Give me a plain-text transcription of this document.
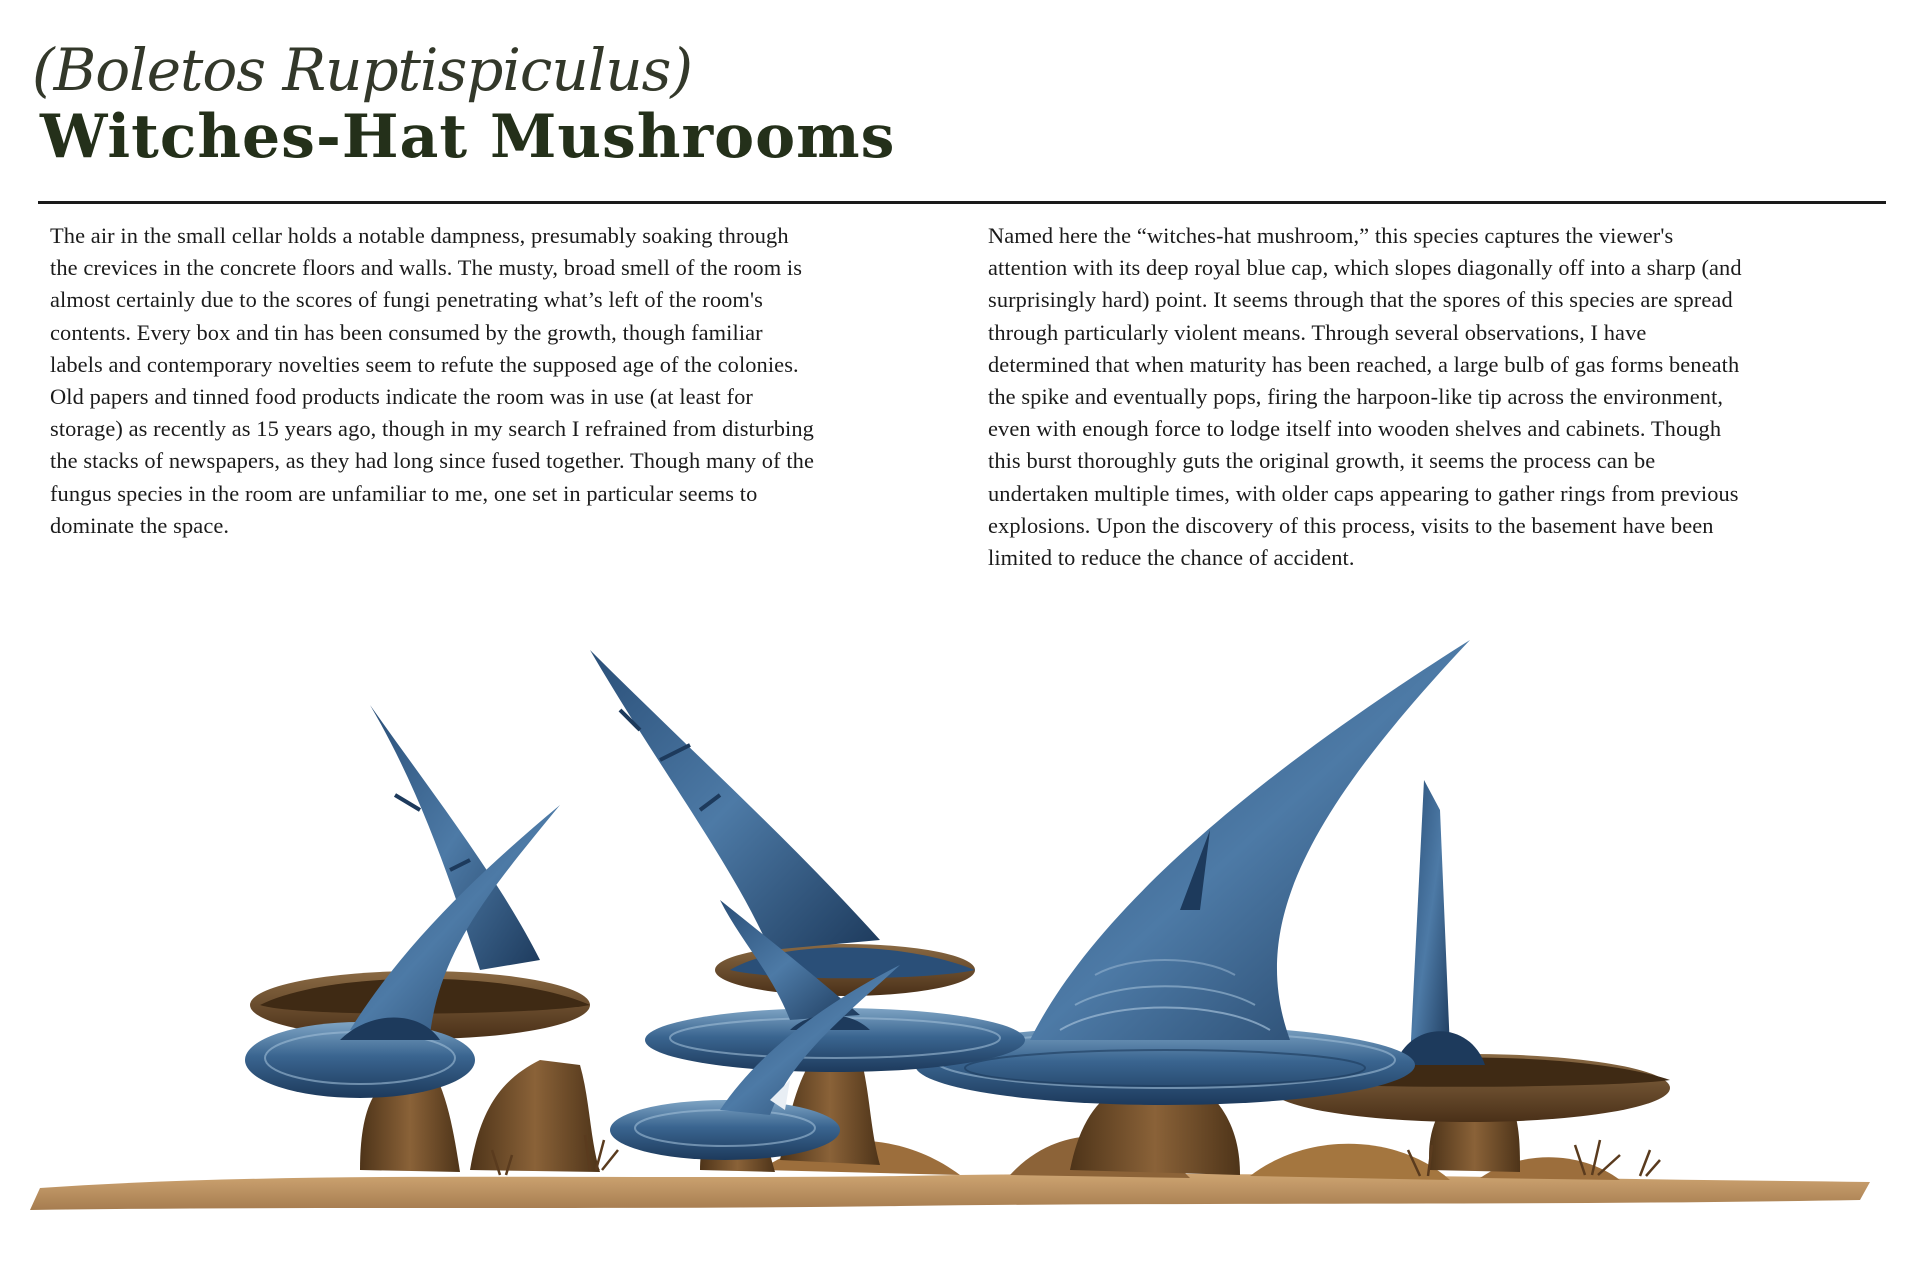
(Boletos Ruptispiculus)
Witches-Hat Mushrooms
The air in the small cellar holds a notable dampness, presumably soaking through
the crevices in the concrete floors and walls. The musty, broad smell of the room is
almost certainly due to the scores of fungi penetrating what’s left of the room's
contents. Every box and tin has been consumed by the growth, though familiar
labels and contemporary novelties seem to refute the supposed age of the colonies.
Old papers and tinned food products indicate the room was in use (at least for
storage) as recently as 15 years ago, though in my search I refrained from disturbing
the stacks of newspapers, as they had long since fused together. Though many of the
fungus species in the room are unfamiliar to me, one set in particular seems to
dominate the space.
Named here the “witches-hat mushroom,” this species captures the viewer's
attention with its deep royal blue cap, which slopes diagonally off into a sharp (and
surprisingly hard) point. It seems through that the spores of this species are spread
through particularly violent means. Through several observations, I have
determined that when maturity has been reached, a large bulb of gas forms beneath
the spike and eventually pops, firing the harpoon-like tip across the environment,
even with enough force to lodge itself into wooden shelves and cabinets. Though
this burst thoroughly guts the original growth, it seems the process can be
undertaken multiple times, with older caps appearing to gather rings from previous
explosions. Upon the discovery of this process, visits to the basement have been
limited to reduce the chance of accident.
